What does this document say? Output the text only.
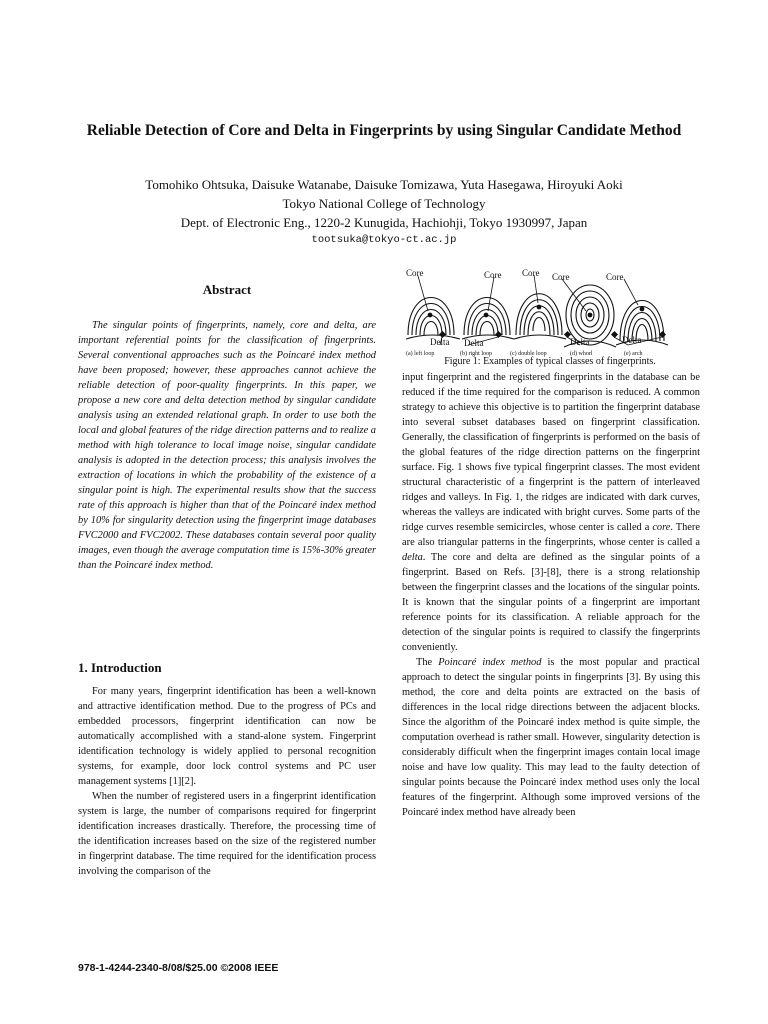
Reliable Detection of Core and Delta in Fingerprints by using Singular Candidate Method
Tomohiko Ohtsuka, Daisuke Watanabe, Daisuke Tomizawa, Yuta Hasegawa, Hiroyuki Aoki
Tokyo National College of Technology
Dept. of Electronic Eng., 1220-2 Kunugida, Hachiohji, Tokyo 1930997, Japan
tootsuka@tokyo-ct.ac.jp
Abstract
The singular points of fingerprints, namely, core and delta, are important referential points for the classification of fingerprints. Several conventional approaches such as the Poincaré index method have been proposed; however, these approaches cannot achieve the reliable detection of poor-quality fingerprints. In this paper, we propose a new core and delta detection method by singular candidate analysis using an extended relational graph. In order to use both the local and global features of the ridge direction patterns and to realize a method with high tolerance to local image noise, singular candidate analysis is adopted in the detection process; this analysis involves the extraction of locations in which the probability of the existence of a singular point is high. The experimental results show that the success rate of this approach is higher than that of the Poincaré index method by 10% for singularity detection using the fingerprint image databases FVC2000 and FVC2002. These databases contain several poor quality images, even though the average computation time is 15%-30% greater than the Poincaré index method.
1. Introduction

For many years, fingerprint identification has been a well-known and attractive identification method. Due to the progress of PCs and embedded processors, fingerprint identification can now be automatically accomplished with a stand-alone system. Fingerprint identification technology is widely applied to personal recognition systems, for example, door lock control systems and PC user management systems [1][2].

When the number of registered users in a fingerprint identification system is large, the number of comparisons required for fingerprint identification increases drastically. Therefore, the processing time of the identification increases based on the size of the registered number in fingerprint database. The time required for the identification process involving the comparison of the

Core	Core Core Core	Core
Delta Delta	Delta	Delta
(a) left loop	(b) right loop	(c) double loop	(d) whorl	(e) arch
Figure 1: Examples of typical classes of fingerprints.

input fingerprint and the registered fingerprints in the database can be reduced if the time required for the comparison is reduced. A common strategy to achieve this objective is to partition the fingerprint database into several subset databases based on fingerprint classification. Generally, the classification of fingerprints is performed on the basis of the global features of the ridge direction patterns on the fingerprint surface. Fig. 1 shows five typical fingerprint classes. The most evident structural characteristic of a fingerprint is the pattern of interleaved ridges and valleys. In Fig. 1, the ridges are indicated with dark curves, whereas the valleys are indicated with bright curves. Some parts of the ridge curves resemble semicircles, whose center is called a core. There are also triangular patterns in the fingerprints, whose center is called a delta. The core and delta are defined as the singular points of a fingerprint. Based on Refs. [3]-[8], there is a strong relationship between the fingerprint classes and the locations of the singular points. It is known that the singular points of a fingerprint are important reference points for its classification. A reliable approach for the detection of the singular points is required to classify the fingerprints conveniently.

The Poincaré index method is the most popular and practical approach to detect the singular points in fingerprints [3]. By using this method, the core and delta points are extracted on the basis of differences in the local ridge directions between the adjacent blocks. Since the algorithm of the Poincaré index method is quite simple, the computation overhead is rather small. However, singularity detection is considerably difficult when the fingerprint images contain local image noise and have low quality. This may lead to the faulty detection of singular points because the Poincaré index method uses only the local features of the fingerprint. Although some improved versions of the Poincaré index method have already been

978-1-4244-2340-8/08/$25.00 ©2008 IEEE
